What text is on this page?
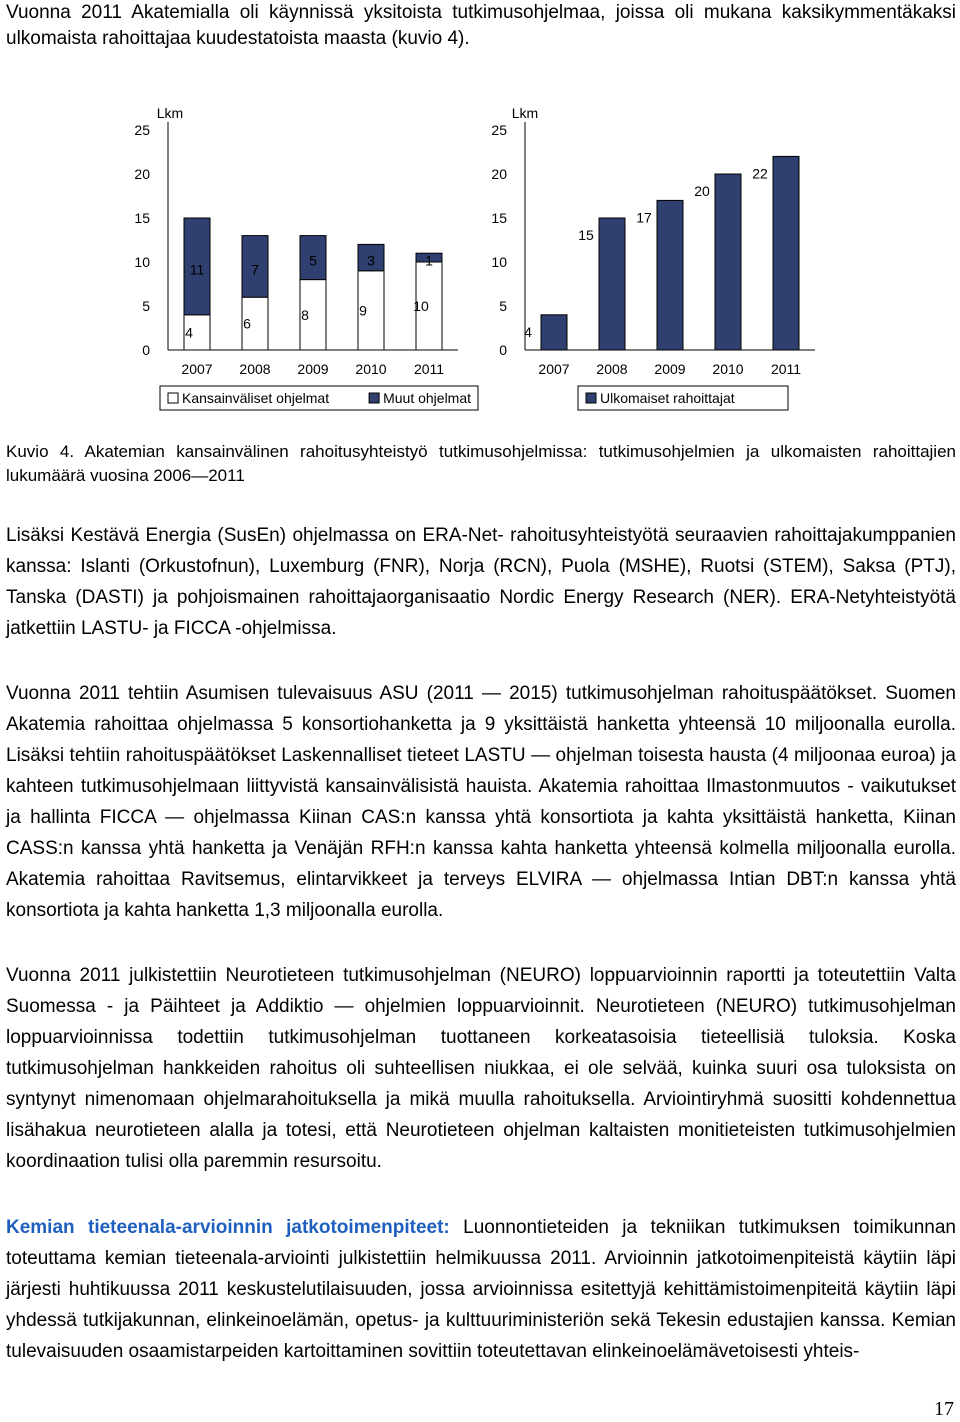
Vuonna 2011 Akatemialla oli käynnissä yksitoista tutkimusohjelmaa, joissa oli mukana kaksikymmentäkaksi ulkomaista rahoittajaa kuudestatoista maasta (kuvio 4).

Lkm
25
20
15
10
5
0
2007
4
11
2008
6
7
2009
8
5
2010
9
3
2011
10
1
Kansainväliset ohjelmat	Muut ohjelmat
Lkm
25
20
15
10
5
0
2007
4
2008
15
2009
17
2010
20
2011
22
Ulkomaiset rahoittajat

Kuvio 4. Akatemian kansainvälinen rahoitusyhteistyö tutkimusohjelmissa: tutkimusohjelmien ja ulkomaisten rahoittajien lukumäärä vuosina 2006—2011

Lisäksi Kestävä Energia (SusEn) ohjelmassa on ERA-Net- rahoitusyhteistyötä seuraavien rahoittajakumppanien kanssa: Islanti (Orkustofnun), Luxemburg (FNR), Norja (RCN), Puola (MSHE), Ruotsi (STEM), Saksa (PTJ), Tanska (DASTI) ja pohjoismainen rahoittajaorganisaatio Nordic Energy Research (NER). ERA-Netyhteistyötä jatkettiin LASTU- ja FICCA -ohjelmissa.

Vuonna 2011 tehtiin Asumisen tulevaisuus ASU (2011 — 2015) tutkimusohjelman rahoituspäätökset. Suomen Akatemia rahoittaa ohjelmassa 5 konsortiohanketta ja 9 yksittäistä hanketta yhteensä 10 miljoonalla eurolla. Lisäksi tehtiin rahoituspäätökset Laskennalliset tieteet LASTU — ohjelman toisesta hausta (4 miljoonaa euroa) ja kahteen tutkimusohjelmaan liittyvistä kansainvälisistä hauista. Akatemia rahoittaa Ilmastonmuutos - vaikutukset ja hallinta FICCA — ohjelmassa Kiinan CAS:n kanssa yhtä konsortiota ja kahta yksittäistä hanketta, Kiinan CASS:n kanssa yhtä hanketta ja Venäjän RFH:n kanssa kahta hanketta yhteensä kolmella miljoonalla eurolla. Akatemia rahoittaa Ravitsemus, elintarvikkeet ja terveys ELVIRA — ohjelmassa Intian DBT:n kanssa yhtä konsortiota ja kahta hanketta 1,3 miljoonalla eurolla.

Vuonna 2011 julkistettiin Neurotieteen tutkimusohjelman (NEURO) loppuarvioinnin raportti ja toteutettiin Valta Suomessa - ja Päihteet ja Addiktio — ohjelmien loppuarvioinnit. Neurotieteen (NEURO) tutkimusohjelman loppuarvioinnissa todettiin tutkimusohjelman tuottaneen korkeatasoisia tieteellisiä tuloksia. Koska tutkimusohjelman hankkeiden rahoitus oli suhteellisen niukkaa, ei ole selvää, kuinka suuri osa tuloksista on syntynyt nimenomaan ohjelmarahoituksella ja mikä muulla rahoituksella. Arviointiryhmä suositti kohdennettua lisähakua neurotieteen alalla ja totesi, että Neurotieteen ohjelman kaltaisten monitieteisten tutkimusohjelmien koordinaation tulisi olla paremmin resursoitu.

Kemian tieteenala-arvioinnin jatkotoimenpiteet: Luonnontieteiden ja tekniikan tutkimuksen toimikunnan toteuttama kemian tieteenala-arviointi julkistettiin helmikuussa 2011. Arvioinnin jatkotoimenpiteistä käytiin läpi järjesti huhtikuussa 2011 keskustelutilaisuuden, jossa arvioinnissa esitettyjä kehittämistoimenpiteitä käytiin läpi yhdessä tutkijakunnan, elinkeinoelämän, opetus- ja kulttuuriministeriön sekä Tekesin edustajien kanssa. Kemian tulevaisuuden osaamistarpeiden kartoittaminen sovittiin toteutettavan elinkeinoelämävetoisesti yhteis-

17
